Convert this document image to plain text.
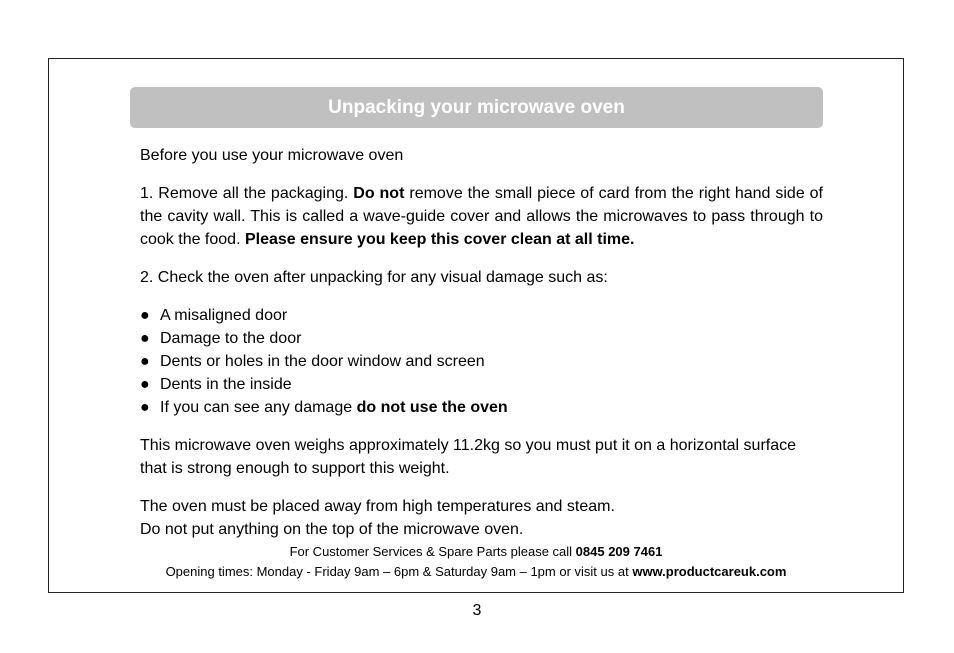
Unpacking your microwave oven

Before you use your microwave oven

1. Remove all the packaging. Do not remove the small piece of card from the right hand side of the cavity wall. This is called a wave-guide cover and allows the microwaves to pass through to cook the food. Please ensure you keep this cover clean at all time.

2. Check the oven after unpacking for any visual damage such as:

● A misaligned door
● Damage to the door
● Dents or holes in the door window and screen
● Dents in the inside
● If you can see any damage do not use the oven

This microwave oven weighs approximately 11.2kg so you must put it on a horizontal surface that is strong enough to support this weight.

The oven must be placed away from high temperatures and steam.

Do not put anything on the top of the microwave oven.

For Customer Services & Spare Parts please call 0845 209 7461
Opening times: Monday - Friday 9am – 6pm & Saturday 9am – 1pm or visit us at www.productcareuk.com
3
